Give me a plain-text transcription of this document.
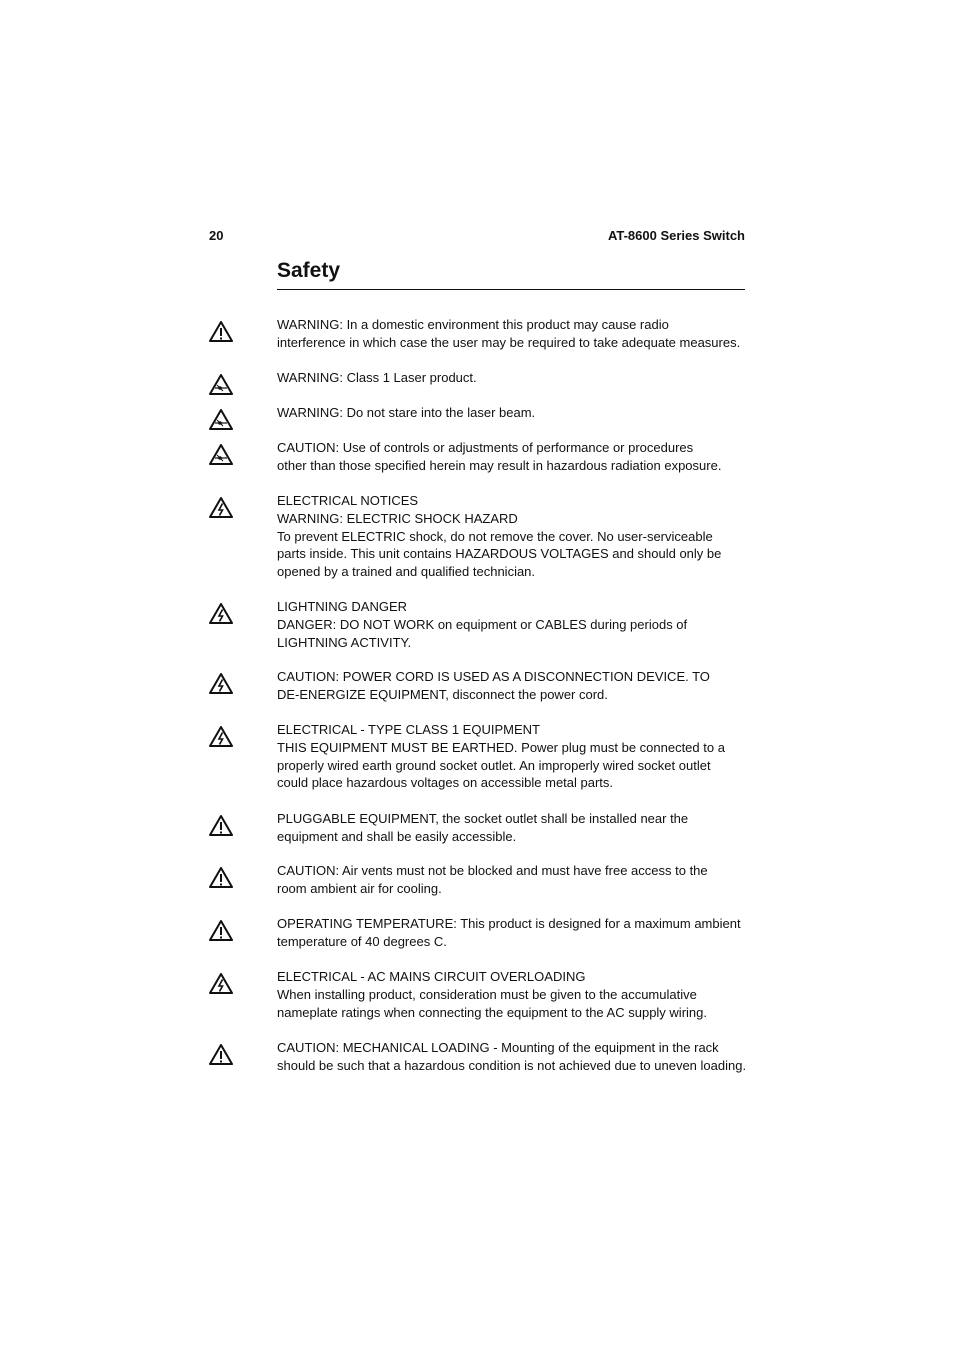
20	AT-8600 Series Switch
Safety
WARNING: In a domestic environment this product may cause radio
interference in which case the user may be required to take adequate measures.
WARNING: Class 1 Laser product.
WARNING: Do not stare into the laser beam.
CAUTION: Use of controls or adjustments of performance or procedures
other than those specified herein may result in hazardous radiation exposure.
ELECTRICAL NOTICES
WARNING: ELECTRIC SHOCK HAZARD
To prevent ELECTRIC shock, do not remove the cover. No user-serviceable
parts inside. This unit contains HAZARDOUS VOLTAGES and should only be
opened by a trained and qualified technician.
LIGHTNING DANGER
DANGER: DO NOT WORK on equipment or CABLES during periods of
LIGHTNING ACTIVITY.
CAUTION: POWER CORD IS USED AS A DISCONNECTION DEVICE. TO
DE-ENERGIZE EQUIPMENT, disconnect the power cord.
ELECTRICAL - TYPE CLASS 1 EQUIPMENT
THIS EQUIPMENT MUST BE EARTHED. Power plug must be connected to a
properly wired earth ground socket outlet. An improperly wired socket outlet
could place hazardous voltages on accessible metal parts.
PLUGGABLE EQUIPMENT, the socket outlet shall be installed near the
equipment and shall be easily accessible.
CAUTION: Air vents must not be blocked and must have free access to the
room ambient air for cooling.
OPERATING TEMPERATURE: This product is designed for a maximum ambient
temperature of 40 degrees C.
ELECTRICAL - AC MAINS CIRCUIT OVERLOADING
When installing product, consideration must be given to the accumulative
nameplate ratings when connecting the equipment to the AC supply wiring.
CAUTION: MECHANICAL LOADING - Mounting of the equipment in the rack
should be such that a hazardous condition is not achieved due to uneven loading.
